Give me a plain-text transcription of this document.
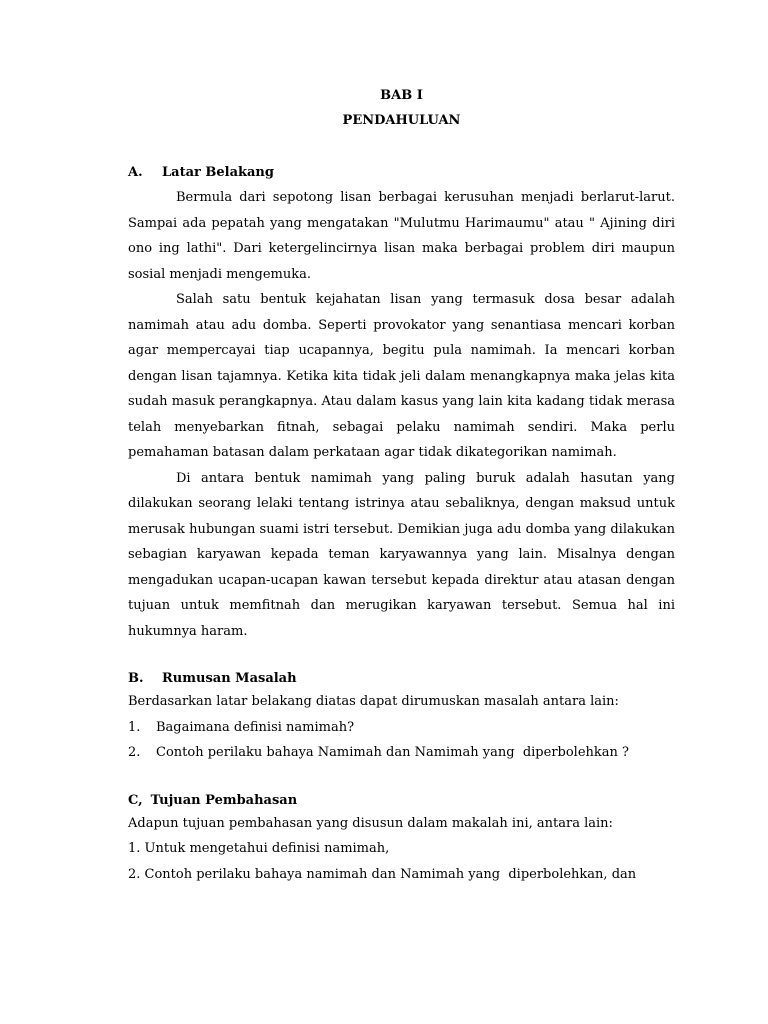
BAB I
PENDAHULUAN
A.	Latar Belakang

Bermula dari sepotong lisan berbagai kerusuhan menjadi berlarut-larut. Sampai ada pepatah yang mengatakan "Mulutmu Harimaumu" atau " Ajining diri ono ing lathi". Dari ketergelincirnya lisan maka berbagai problem diri maupun sosial menjadi mengemuka.

Salah satu bentuk kejahatan lisan yang termasuk dosa besar adalah namimah atau adu domba. Seperti provokator yang senantiasa mencari korban agar mempercayai tiap ucapannya, begitu pula namimah. Ia mencari korban dengan lisan tajamnya. Ketika kita tidak jeli dalam menangkapnya maka jelas kita sudah masuk perangkapnya. Atau dalam kasus yang lain kita kadang tidak merasa telah menyebarkan fitnah, sebagai pelaku namimah sendiri. Maka perlu pemahaman batasan dalam perkataan agar tidak dikategorikan namimah.

Di antara bentuk namimah yang paling buruk adalah hasutan yang dilakukan seorang lelaki tentang istrinya atau sebaliknya, dengan maksud untuk merusak hubungan suami istri tersebut. Demikian juga adu domba yang dilakukan sebagian karyawan kepada teman karyawannya yang lain. Misalnya dengan mengadukan ucapan-ucapan kawan tersebut kepada direktur atau atasan dengan tujuan untuk memfitnah dan merugikan karyawan tersebut. Semua hal ini hukumnya haram.

B.	Rumusan Masalah
Berdasarkan latar belakang diatas dapat dirumuskan masalah antara lain:
1.	Bagaimana definisi namimah?
2.	Contoh perilaku bahaya Namimah dan Namimah yang  diperbolehkan ?
C, Tujuan Pembahasan
Adapun tujuan pembahasan yang disusun dalam makalah ini, antara lain:
1. Untuk mengetahui definisi namimah,
2. Contoh perilaku bahaya namimah dan Namimah yang  diperbolehkan, dan
